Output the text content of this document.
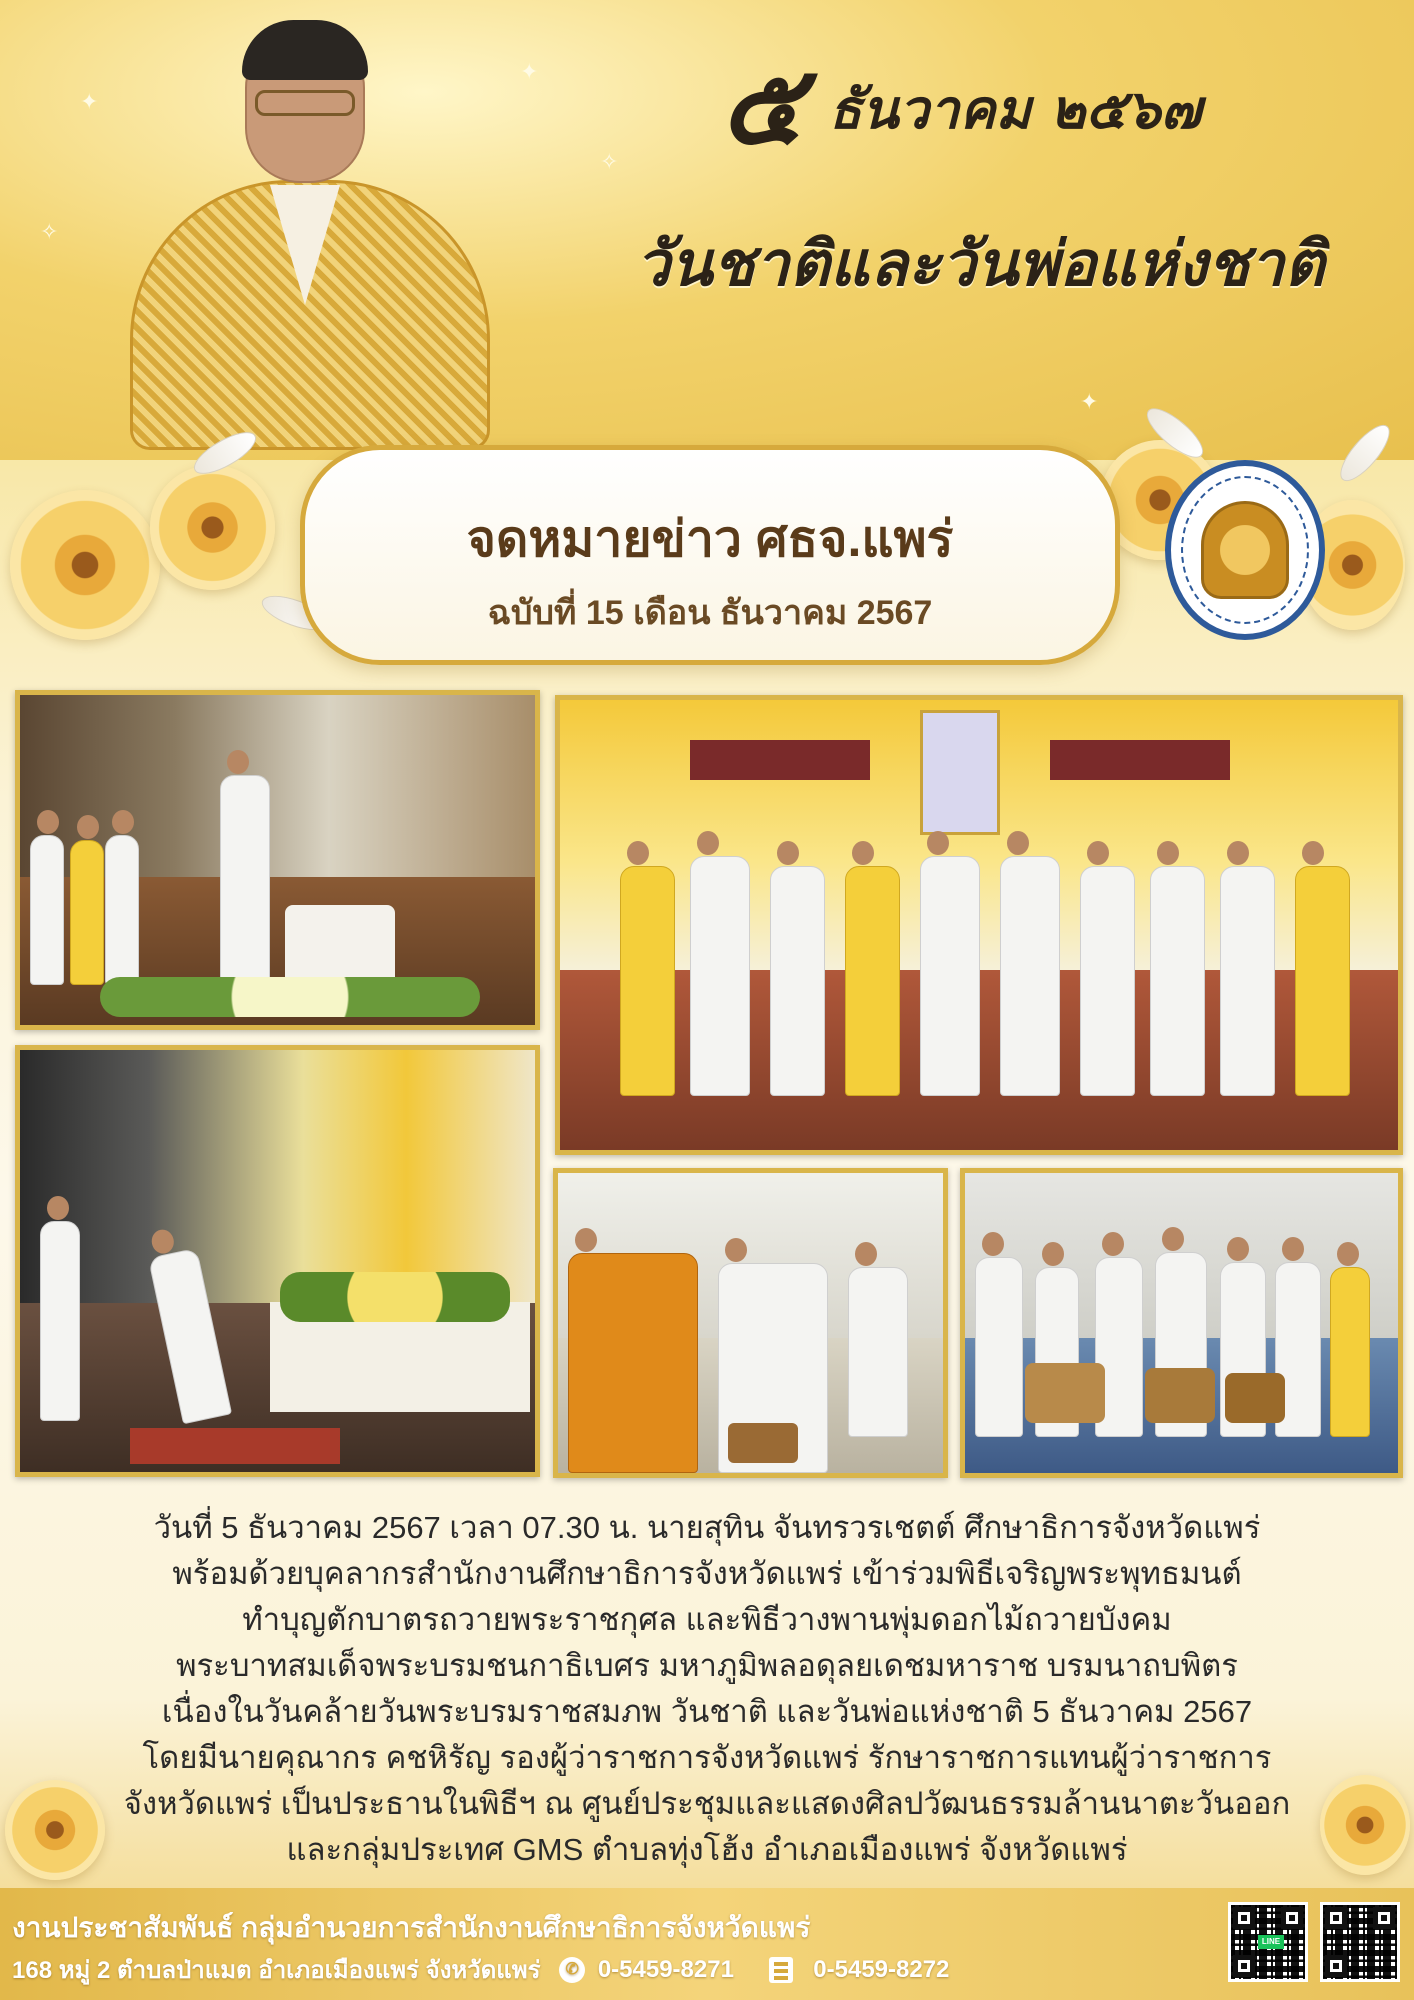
✦
✦
✧
✧
✦
๕ ธันวาคม ๒๕๖๗
วันชาติและวันพ่อแห่งชาติ
จดหมายข่าว ศธจ.แพร่
ฉบับที่ 15 เดือน ธันวาคม 2567
วันที่ 5 ธันวาคม 2567 เวลา 07.30 น. นายสุทิน จันทรวรเชตต์ ศึกษาธิการจังหวัดแพร่
พร้อมด้วยบุคลากรสำนักงานศึกษาธิการจังหวัดแพร่ เข้าร่วมพิธีเจริญพระพุทธมนต์
ทำบุญตักบาตรถวายพระราชกุศล และพิธีวางพานพุ่มดอกไม้ถวายบังคม
พระบาทสมเด็จพระบรมชนกาธิเบศร มหาภูมิพลอดุลยเดชมหาราช บรมนาถบพิตร
เนื่องในวันคล้ายวันพระบรมราชสมภพ วันชาติ และวันพ่อแห่งชาติ 5 ธันวาคม 2567
โดยมีนายคุณากร คชหิรัญ รองผู้ว่าราชการจังหวัดแพร่ รักษาราชการแทนผู้ว่าราชการ
จังหวัดแพร่ เป็นประธานในพิธีฯ ณ ศูนย์ประชุมและแสดงศิลปวัฒนธรรมล้านนาตะวันออก
และกลุ่มประเทศ GMS ตำบลทุ่งโฮ้ง อำเภอเมืองแพร่ จังหวัดแพร่
งานประชาสัมพันธ์ กลุ่มอำนวยการสำนักงานศึกษาธิการจังหวัดแพร่
168 หมู่ 2 ตำบลป่าแมต อำเภอเมืองแพร่ จังหวัดแพร่ ✆ 0-5459-8271	0-5459-8272
LINE
